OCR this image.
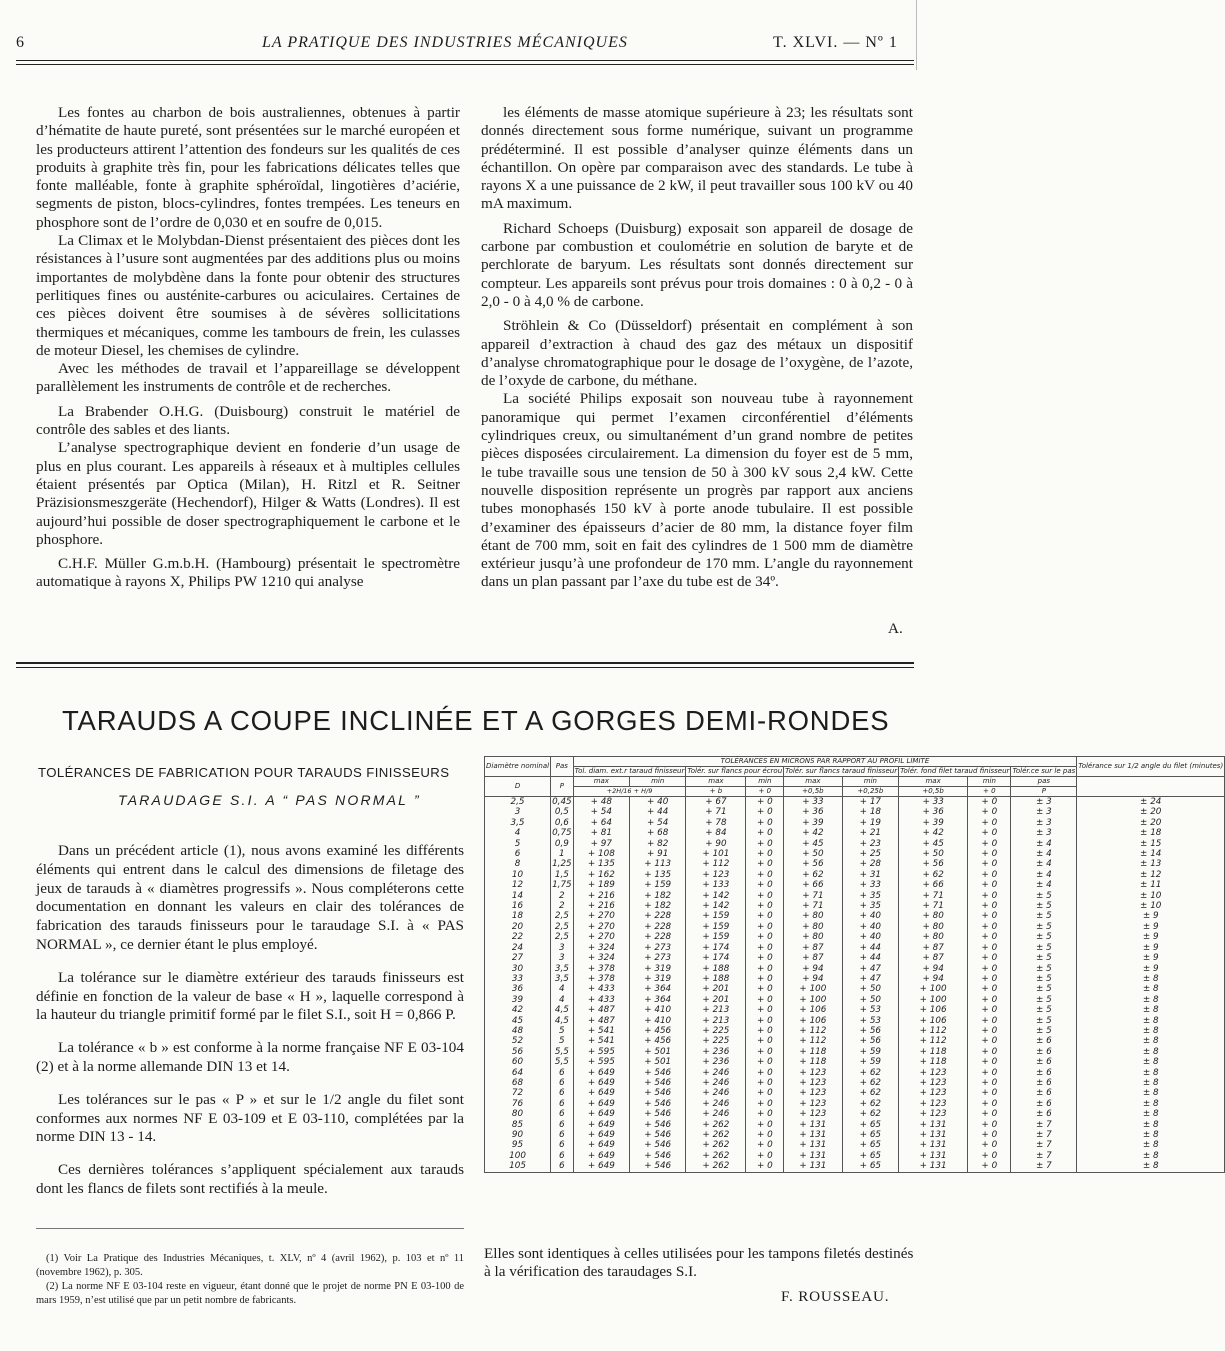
6	LA PRATIQUE DES INDUSTRIES MÉCANIQUES	T. XLVI. — Nº 1

Les fontes au charbon de bois australiennes, obtenues à partir d’hématite de haute pureté, sont présentées sur le marché européen et les producteurs attirent l’attention des fondeurs sur les qualités de ces produits à graphite très fin, pour les fabrications délicates telles que fonte malléable, fonte à graphite sphéroïdal, lingotières d’aciérie, segments de piston, blocs-cylindres, fontes trempées. Les teneurs en phosphore sont de l’ordre de 0,030 et en soufre de 0,015.

La Climax et le Molybdan-Dienst présentaient des pièces dont les résistances à l’usure sont augmentées par des additions plus ou moins importantes de molybdène dans la fonte pour obtenir des structures perlitiques fines ou austénite-carbures ou aciculaires. Certaines de ces pièces doivent être soumises à de sévères sollicitations thermiques et mécaniques, comme les tambours de frein, les culasses de moteur Diesel, les chemises de cylindre.

Avec les méthodes de travail et l’appareillage se développent parallèlement les instruments de contrôle et de recherches.

La Brabender O.H.G. (Duisbourg) construit le matériel de contrôle des sables et des liants.

L’analyse spectrographique devient en fonderie d’un usage de plus en plus courant. Les appareils à réseaux et à multiples cellules étaient présentés par Optica (Milan), H. Ritzl et R. Seitner Präzisionsmeszgeräte (Hechendorf), Hilger & Watts (Londres). Il est aujourd’hui possible de doser spectrographiquement le carbone et le phosphore.

C.H.F. Müller G.m.b.H. (Hambourg) présentait le spectromètre automatique à rayons X, Philips PW 1210 qui analyse

les éléments de masse atomique supérieure à 23; les résultats sont donnés directement sous forme numérique, suivant un programme prédéterminé. Il est possible d’analyser quinze éléments dans un échantillon. On opère par comparaison avec des standards. Le tube à rayons X a une puissance de 2 kW, il peut travailler sous 100 kV ou 40 mA maximum.

Richard Schoeps (Duisburg) exposait son appareil de dosage de carbone par combustion et coulométrie en solution de baryte et de perchlorate de baryum. Les résultats sont donnés directement sur compteur. Les appareils sont prévus pour trois domaines : 0 à 0,2 - 0 à 2,0 - 0 à 4,0 % de carbone.

Ströhlein & Co (Düsseldorf) présentait en complément à son appareil d’extraction à chaud des gaz des métaux un dispositif d’analyse chromatographique pour le dosage de l’oxygène, de l’azote, de l’oxyde de carbone, du méthane.

La société Philips exposait son nouveau tube à rayonnement panoramique qui permet l’examen circonférentiel d’éléments cylindriques creux, ou simultanément d’un grand nombre de petites pièces disposées circulairement. La dimension du foyer est de 5 mm, le tube travaille sous une tension de 50 à 300 kV sous 2,4 kW. Cette nouvelle disposition représente un progrès par rapport aux anciens tubes monophasés 150 kV à porte anode tubulaire. Il est possible d’examiner des épaisseurs d’acier de 80 mm, la distance foyer film étant de 700 mm, soit en fait des cylindres de 1 500 mm de diamètre extérieur jusqu’à une profondeur de 170 mm. L’angle du rayonnement dans un plan passant par l’axe du tube est de 34º.

A.
TARAUDS A COUPE INCLINÉE ET A GORGES DEMI-RONDES
TOLÉRANCES DE FABRICATION POUR TARAUDS FINISSEURS
TARAUDAGE S.I. A “ PAS NORMAL ”

Dans un précédent article (1), nous avons examiné les différents éléments qui entrent dans le calcul des dimensions de filetage des jeux de tarauds à « diamètres progressifs ». Nous compléterons cette documentation en donnant les valeurs en clair des tolérances de fabrication des tarauds finisseurs pour le taraudage S.I. à « PAS NORMAL », ce dernier étant le plus employé.

La tolérance sur le diamètre extérieur des tarauds finisseurs est définie en fonction de la valeur de base « H », laquelle correspond à la hauteur du triangle primitif formé par le filet S.I., soit H = 0,866 P.

La tolérance « b » est conforme à la norme française NF E 03-104 (2) et à la norme allemande DIN 13 et 14.

Les tolérances sur le pas « P » et sur le 1/2 angle du filet sont conformes aux normes NF E 03-109 et E 03-110, complétées par la norme DIN 13 - 14.

Ces dernières tolérances s’appliquent spécialement aux tarauds dont les flancs de filets sont rectifiés à la meule.

(1) Voir La Pratique des Industries Mécaniques, t. XLV, nº 4 (avril 1962), p. 103 et nº 11 (novembre 1962), p. 305.

(2) La norme NF E 03-104 reste en vigueur, étant donné que le projet de norme PN E 03-100 de mars 1959, n’est utilisé que par un petit nombre de fabricants.

Diamètre nominal	Pas	TOLÉRANCES EN MICRONS PAR RAPPORT AU PROFIL LIMITE									Tolérance sur 1/2 angle du filet (minutes)
		Tol. diam. ext.r taraud finisseur		Tolér. sur flancs pour écrou		Tolér. sur flancs taraud finisseur		Tolér. fond filet taraud finisseur		Tolér.ce sur le pas	
D	P	max	min	max	min	max	min	max	min	pas	
		+2H/16 + H/9		+ b	+ 0	+0,5b	+0,25b	+0,5b	+ 0	P	
2,5	0,45	+ 48	+ 40	+ 67	+ 0	+ 33	+ 17	+ 33	+ 0	± 3	± 24
3	0,5	+ 54	+ 44	+ 71	+ 0	+ 36	+ 18	+ 36	+ 0	± 3	± 20
3,5	0,6	+ 64	+ 54	+ 78	+ 0	+ 39	+ 19	+ 39	+ 0	± 3	± 20
4	0,75	+ 81	+ 68	+ 84	+ 0	+ 42	+ 21	+ 42	+ 0	± 3	± 18
5	0,9	+ 97	+ 82	+ 90	+ 0	+ 45	+ 23	+ 45	+ 0	± 4	± 15
6	1	+ 108	+ 91	+ 101	+ 0	+ 50	+ 25	+ 50	+ 0	± 4	± 14
8	1,25	+ 135	+ 113	+ 112	+ 0	+ 56	+ 28	+ 56	+ 0	± 4	± 13
10	1,5	+ 162	+ 135	+ 123	+ 0	+ 62	+ 31	+ 62	+ 0	± 4	± 12
12	1,75	+ 189	+ 159	+ 133	+ 0	+ 66	+ 33	+ 66	+ 0	± 4	± 11
14	2	+ 216	+ 182	+ 142	+ 0	+ 71	+ 35	+ 71	+ 0	± 5	± 10
16	2	+ 216	+ 182	+ 142	+ 0	+ 71	+ 35	+ 71	+ 0	± 5	± 10
18	2,5	+ 270	+ 228	+ 159	+ 0	+ 80	+ 40	+ 80	+ 0	± 5	± 9
20	2,5	+ 270	+ 228	+ 159	+ 0	+ 80	+ 40	+ 80	+ 0	± 5	± 9
22	2,5	+ 270	+ 228	+ 159	+ 0	+ 80	+ 40	+ 80	+ 0	± 5	± 9
24	3	+ 324	+ 273	+ 174	+ 0	+ 87	+ 44	+ 87	+ 0	± 5	± 9
27	3	+ 324	+ 273	+ 174	+ 0	+ 87	+ 44	+ 87	+ 0	± 5	± 9
30	3,5	+ 378	+ 319	+ 188	+ 0	+ 94	+ 47	+ 94	+ 0	± 5	± 9
33	3,5	+ 378	+ 319	+ 188	+ 0	+ 94	+ 47	+ 94	+ 0	± 5	± 8
36	4	+ 433	+ 364	+ 201	+ 0	+ 100	+ 50	+ 100	+ 0	± 5	± 8
39	4	+ 433	+ 364	+ 201	+ 0	+ 100	+ 50	+ 100	+ 0	± 5	± 8
42	4,5	+ 487	+ 410	+ 213	+ 0	+ 106	+ 53	+ 106	+ 0	± 5	± 8
45	4,5	+ 487	+ 410	+ 213	+ 0	+ 106	+ 53	+ 106	+ 0	± 5	± 8
48	5	+ 541	+ 456	+ 225	+ 0	+ 112	+ 56	+ 112	+ 0	± 5	± 8
52	5	+ 541	+ 456	+ 225	+ 0	+ 112	+ 56	+ 112	+ 0	± 6	± 8
56	5,5	+ 595	+ 501	+ 236	+ 0	+ 118	+ 59	+ 118	+ 0	± 6	± 8
60	5,5	+ 595	+ 501	+ 236	+ 0	+ 118	+ 59	+ 118	+ 0	± 6	± 8
64	6	+ 649	+ 546	+ 246	+ 0	+ 123	+ 62	+ 123	+ 0	± 6	± 8
68	6	+ 649	+ 546	+ 246	+ 0	+ 123	+ 62	+ 123	+ 0	± 6	± 8
72	6	+ 649	+ 546	+ 246	+ 0	+ 123	+ 62	+ 123	+ 0	± 6	± 8
76	6	+ 649	+ 546	+ 246	+ 0	+ 123	+ 62	+ 123	+ 0	± 6	± 8
80	6	+ 649	+ 546	+ 246	+ 0	+ 123	+ 62	+ 123	+ 0	± 6	± 8
85	6	+ 649	+ 546	+ 262	+ 0	+ 131	+ 65	+ 131	+ 0	± 7	± 8
90	6	+ 649	+ 546	+ 262	+ 0	+ 131	+ 65	+ 131	+ 0	± 7	± 8
95	6	+ 649	+ 546	+ 262	+ 0	+ 131	+ 65	+ 131	+ 0	± 7	± 8
100	6	+ 649	+ 546	+ 262	+ 0	+ 131	+ 65	+ 131	+ 0	± 7	± 8
105	6	+ 649	+ 546	+ 262	+ 0	+ 131	+ 65	+ 131	+ 0	± 7	± 8
Elles sont identiques à celles utilisées pour les tampons filetés destinés à la vérification des taraudages S.I.
F. ROUSSEAU.
